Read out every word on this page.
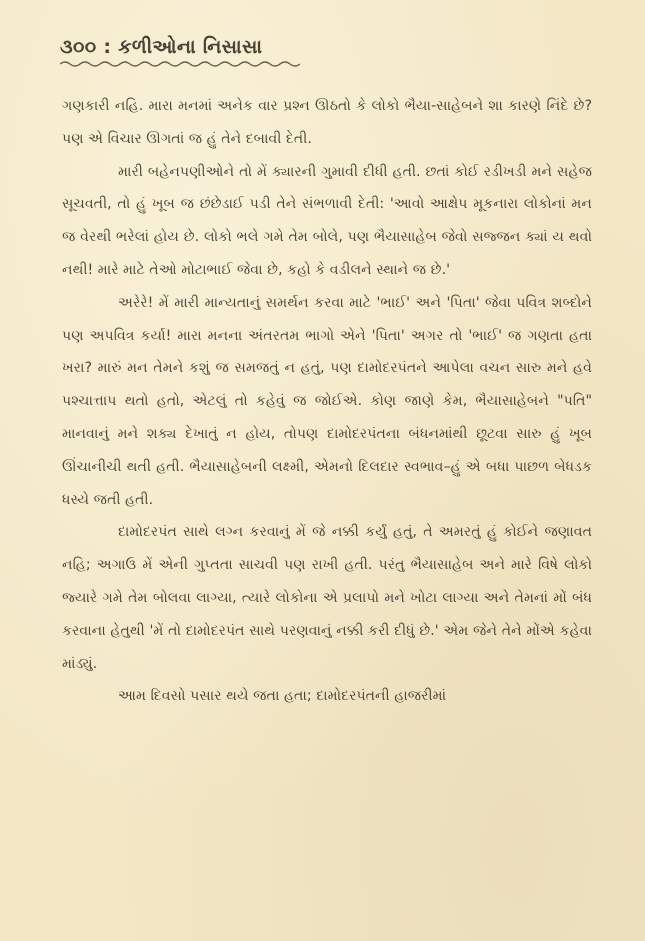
૩૦૦ : કળીઓના નિસાસા

ગણકારી નહિ. મારા મનમાં અનેક વાર પ્રશ્ન ઊઠતો કે લોકો ભૈયા-સાહેબને શા કારણે નિંદે છે? પણ એ વિચાર ઊગતાં જ હું તેને દબાવી દેતી.

મારી બહેનપણીઓને તો મેં ક્યારની ગુમાવી દીધી હતી. છતાં કોઈ રડીખડી મને સહેજ સૂચવતી, તો હું ખૂબ જ છંછેડાઈ પડી તેને સંભળાવી દેતી: 'આવો આક્ષેપ મૂકનારા લોકોનાં મન જ વેરથી ભરેલાં હોય છે. લોકો ભલે ગમે તેમ બોલે, પણ ભૈયાસાહેબ જેવો સજ્જન ક્યાં ય થવો નથી! મારે માટે તેઓ મોટાભાઈ જેવા છે, કહો કે વડીલને સ્થાને જ છે.'

અરેરે! મેં મારી માન્યતાનું સમર્થન કરવા માટે 'ભાઈ' અને 'પિતા' જેવા પવિત્ર શબ્દોને પણ અપવિત્ર કર્યા! મારા મનના અંતરતમ ભાગો એને 'પિતા' અગર તો 'ભાઈ' જ ગણતા હતા ખરા? મારું મન તેમને કશું જ સમજતું ન હતું, પણ દામોદરપંતને આપેલા વચન સારુ મને હવે પશ્ચાત્તાપ થતો હતો, એટલું તો કહેવું જ જોઈએ. કોણ જાણે કેમ, ભૈયાસાહેબને "પતિ" માનવાનું મને શક્ય દેખાતું ન હોય, તોપણ દામોદરપંતના બંધનમાંથી છૂટવા સારુ હું ખૂબ ઊંચાનીચી થતી હતી. ભૈયાસાહેબની લક્ષ્મી, એમનો દિલદાર સ્વભાવ–હું એ બધા પાછળ બેધડક ધસ્યે જતી હતી.

દામોદરપંત સાથે લગ્ન કરવાનું મેં જે નક્કી કર્યું હતું, તે અમરતું હું કોઈને જણાવત નહિ; અગાઉ મેં એની ગુપ્તતા સાચવી પણ રાખી હતી. પરંતુ ભૈયાસાહેબ અને મારે વિષે લોકો જ્યારે ગમે તેમ બોલવા લાગ્યા, ત્યારે લોકોના એ પ્રલાપો મને ખોટા લાગ્યા અને તેમનાં મોં બંધ કરવાના હેતુથી 'મેં તો દામોદરપંત સાથે પરણવાનું નક્કી કરી દીધું છે.' એમ જેને તેને મોંએ કહેવા માંડ્યું.

આમ દિવસો પસાર થયે જતા હતા; દામોદરપંતની હાજરીમાં
